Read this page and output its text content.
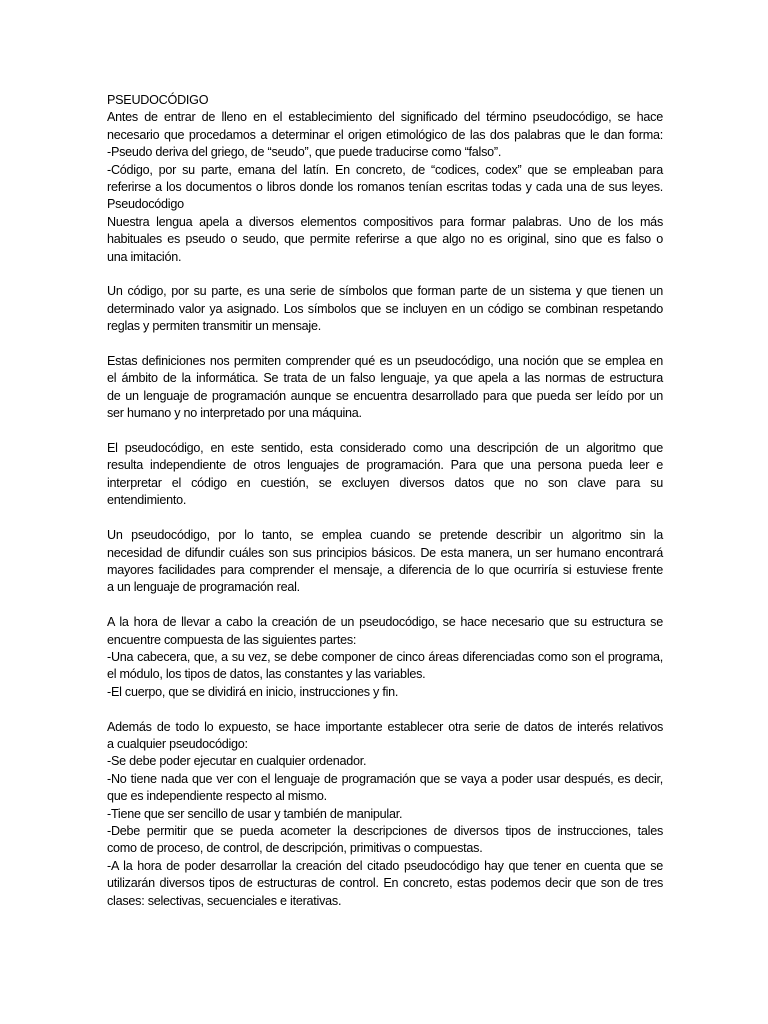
PSEUDOCÓDIGO
Antes de entrar de lleno en el establecimiento del significado del término pseudocódigo, se hace
necesario que procedamos a determinar el origen etimológico de las dos palabras que le dan forma:
-Pseudo deriva del griego, de “seudo”, que puede traducirse como “falso”.
-Código, por su parte, emana del latín. En concreto, de “codices, codex” que se empleaban para
referirse a los documentos o libros donde los romanos tenían escritas todas y cada una de sus leyes.
Pseudocódigo
Nuestra lengua apela a diversos elementos compositivos para formar palabras. Uno de los más
habituales es pseudo o seudo, que permite referirse a que algo no es original, sino que es falso o
una imitación.
Un código, por su parte, es una serie de símbolos que forman parte de un sistema y que tienen un
determinado valor ya asignado. Los símbolos que se incluyen en un código se combinan respetando
reglas y permiten transmitir un mensaje.
Estas definiciones nos permiten comprender qué es un pseudocódigo, una noción que se emplea en
el ámbito de la informática. Se trata de un falso lenguaje, ya que apela a las normas de estructura
de un lenguaje de programación aunque se encuentra desarrollado para que pueda ser leído por un
ser humano y no interpretado por una máquina.
El pseudocódigo, en este sentido, esta considerado como una descripción de un algoritmo que
resulta independiente de otros lenguajes de programación. Para que una persona pueda leer e
interpretar el código en cuestión, se excluyen diversos datos que no son clave para su
entendimiento.
Un pseudocódigo, por lo tanto, se emplea cuando se pretende describir un algoritmo sin la
necesidad de difundir cuáles son sus principios básicos. De esta manera, un ser humano encontrará
mayores facilidades para comprender el mensaje, a diferencia de lo que ocurriría si estuviese frente
a un lenguaje de programación real.
A la hora de llevar a cabo la creación de un pseudocódigo, se hace necesario que su estructura se
encuentre compuesta de las siguientes partes:
-Una cabecera, que, a su vez, se debe componer de cinco áreas diferenciadas como son el programa,
el módulo, los tipos de datos, las constantes y las variables.
-El cuerpo, que se dividirá en inicio, instrucciones y fin.
Además de todo lo expuesto, se hace importante establecer otra serie de datos de interés relativos
a cualquier pseudocódigo:
-Se debe poder ejecutar en cualquier ordenador.
-No tiene nada que ver con el lenguaje de programación que se vaya a poder usar después, es decir,
que es independiente respecto al mismo.
-Tiene que ser sencillo de usar y también de manipular.
-Debe permitir que se pueda acometer la descripciones de diversos tipos de instrucciones, tales
como de proceso, de control, de descripción, primitivas o compuestas.
-A la hora de poder desarrollar la creación del citado pseudocódigo hay que tener en cuenta que se
utilizarán diversos tipos de estructuras de control. En concreto, estas podemos decir que son de tres
clases: selectivas, secuenciales e iterativas.
